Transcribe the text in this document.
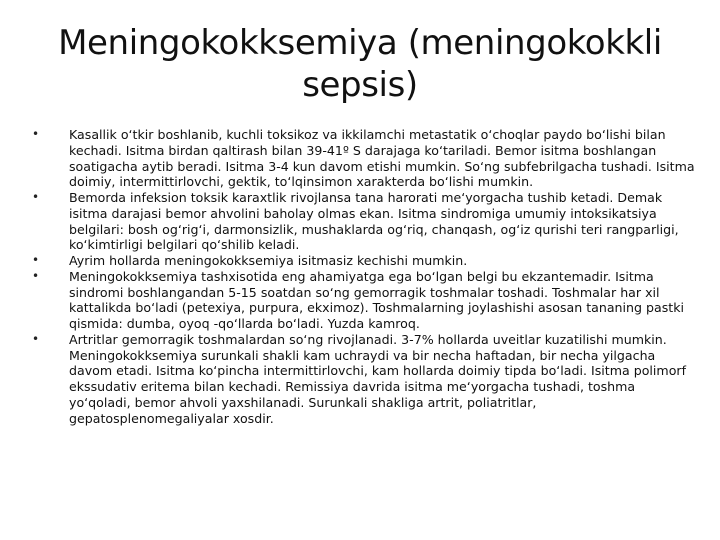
Meningokokksemiya (meningokokkli sepsis)
• Kasallik o‘tkir boshlanib, kuchli toksikoz va ikkilamchi metastatik o‘choqlar paydo bo‘lishi bilan kechadi. Isitma birdan qaltirash bilan 39-41º S darajaga ko‘tariladi. Bemor isitma boshlangan soatigacha aytib beradi. Isitma 3-4 kun davom etishi mumkin. So‘ng subfebrilgacha tushadi. Isitma doimiy, intermittirlovchi, gektik, to‘lqinsimon xarakterda bo‘lishi mumkin.
• Bemorda infeksion toksik karaxtlik rivojlansa tana harorati me‘yorgacha tushib ketadi. Demak isitma darajasi bemor ahvolini baholay olmas ekan. Isitma sindromiga umumiy intoksikatsiya belgilari: bosh og‘rig‘i, darmonsizlik, mushaklarda og‘riq, chanqash, og‘iz qurishi teri rangparligi, ko‘kimtirligi belgilari qo‘shilib keladi.
• Ayrim hollarda meningokokksemiya isitmasiz kechishi mumkin.
• Meningokokksemiya tashxisotida eng ahamiyatga ega bo‘lgan belgi bu ekzantemadir. Isitma sindromi boshlangandan 5-15 soatdan so‘ng gemorragik toshmalar toshadi. Toshmalar har xil kattalikda bo‘ladi (petexiya, purpura, ekximoz). Toshmalarning joylashishi asosan tananing pastki qismida: dumba, oyoq -qo‘llarda bo‘ladi. Yuzda kamroq.
• Artritlar gemorragik toshmalardan so‘ng rivojlanadi. 3-7% hollarda uveitlar kuzatilishi mumkin. Meningokokksemiya surunkali shakli kam uchraydi va bir necha haftadan, bir necha yilgacha davom etadi. Isitma ko‘pincha intermittirlovchi, kam hollarda doimiy tipda bo‘ladi. Isitma polimorf ekssudativ eritema bilan kechadi. Remissiya davrida isitma me‘yorgacha tushadi, toshma yo‘qoladi, bemor ahvoli yaxshilanadi. Surunkali shakliga artrit, poliatritlar, gepatosplenomegaliyalar xosdir.
